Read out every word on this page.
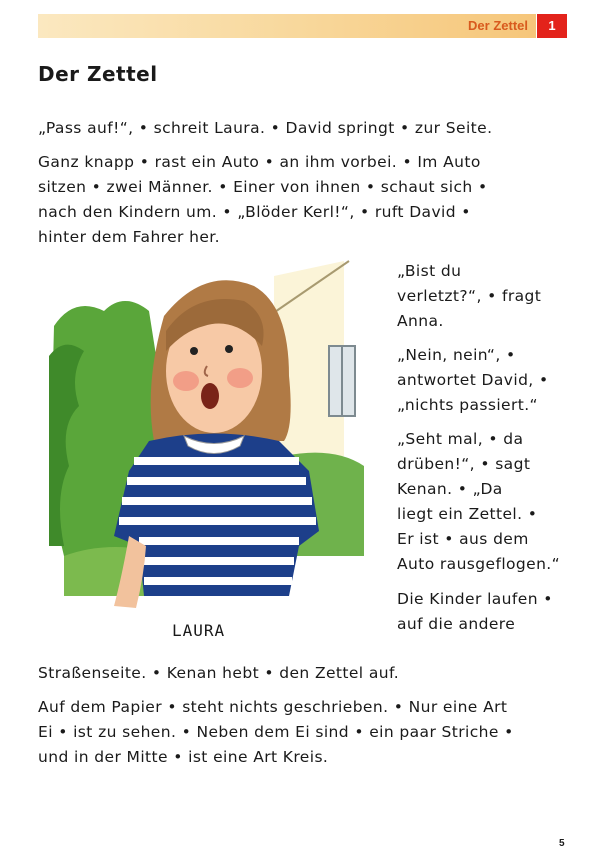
Der Zettel	1
Der Zettel

„Pass auf!“, • schreit Laura. • David springt • zur Seite.

Ganz knapp • rast ein Auto • an ihm vorbei. • Im Auto
sitzen • zwei Männer. • Einer von ihnen • schaut sich •
nach den Kindern um. • „Blöder Kerl!“, • ruft David •
hinter dem Fahrer her.

LAURA

„Bist du
verletzt?“, • fragt
Anna.

„Nein, nein“, •
antwortet David, •
„nichts passiert.“

„Seht mal, • da
drüben!“, • sagt
Kenan. • „Da
liegt ein Zettel. •
Er ist • aus dem
Auto rausgeflogen.“

Die Kinder laufen •
auf die andere

Straßenseite. • Kenan hebt • den Zettel auf.

Auf dem Papier • steht nichts geschrieben. • Nur eine Art
Ei • ist zu sehen. • Neben dem Ei sind • ein paar Striche •
und in der Mitte • ist eine Art Kreis.

5
